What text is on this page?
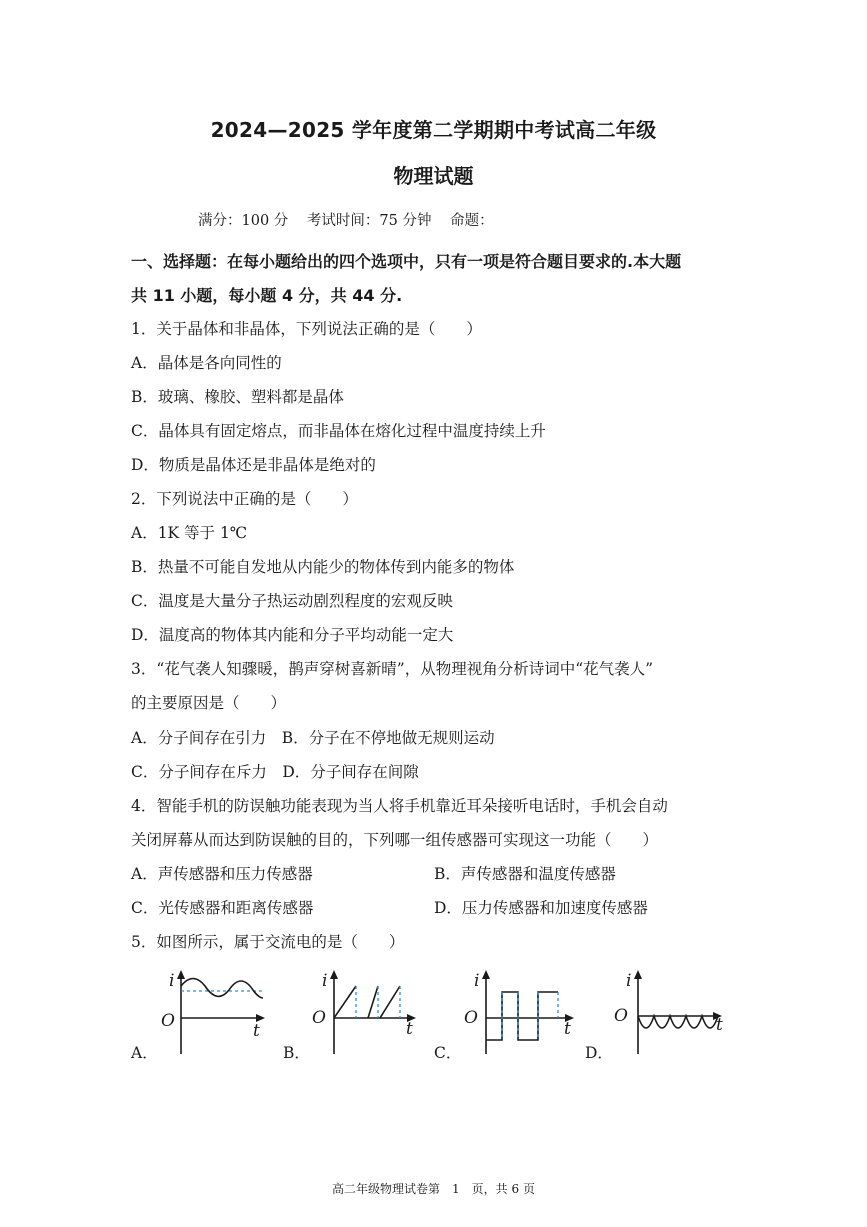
2024—2025 学年度第二学期期中考试高二年级
物理试题
满分：100 分 考试时间：75 分钟 命题：
一、选择题：在每小题给出的四个选项中，只有一项是符合题目要求的.本大题
共 11 小题，每小题 4 分，共 44 分.
1．关于晶体和非晶体，下列说法正确的是（　　）
A．晶体是各向同性的
B．玻璃、橡胶、塑料都是晶体
C．晶体具有固定熔点，而非晶体在熔化过程中温度持续上升
D．物质是晶体还是非晶体是绝对的
2．下列说法中正确的是（　　）
A．1K 等于 1℃
B．热量不可能自发地从内能少的物体传到内能多的物体
C．温度是大量分子热运动剧烈程度的宏观反映
D．温度高的物体其内能和分子平均动能一定大
3．“花气袭人知骤暖，鹊声穿树喜新晴”，从物理视角分析诗词中“花气袭人”
的主要原因是（　　）
A．分子间存在引力　B．分子在不停地做无规则运动
C．分子间存在斥力　D．分子间存在间隙
4．智能手机的防误触功能表现为当人将手机靠近耳朵接听电话时，手机会自动
关闭屏幕从而达到防误触的目的，下列哪一组传感器可实现这一功能（　　）
A．声传感器和压力传感器	B．声传感器和温度传感器
C．光传感器和距离传感器	D．压力传感器和加速度传感器
5．如图所示，属于交流电的是（　　）
A．
i
O	t
B．
i
O
t
C．
i
O
t
D．
i
O	t
高二年级物理试卷第　1　页，共 6 页
